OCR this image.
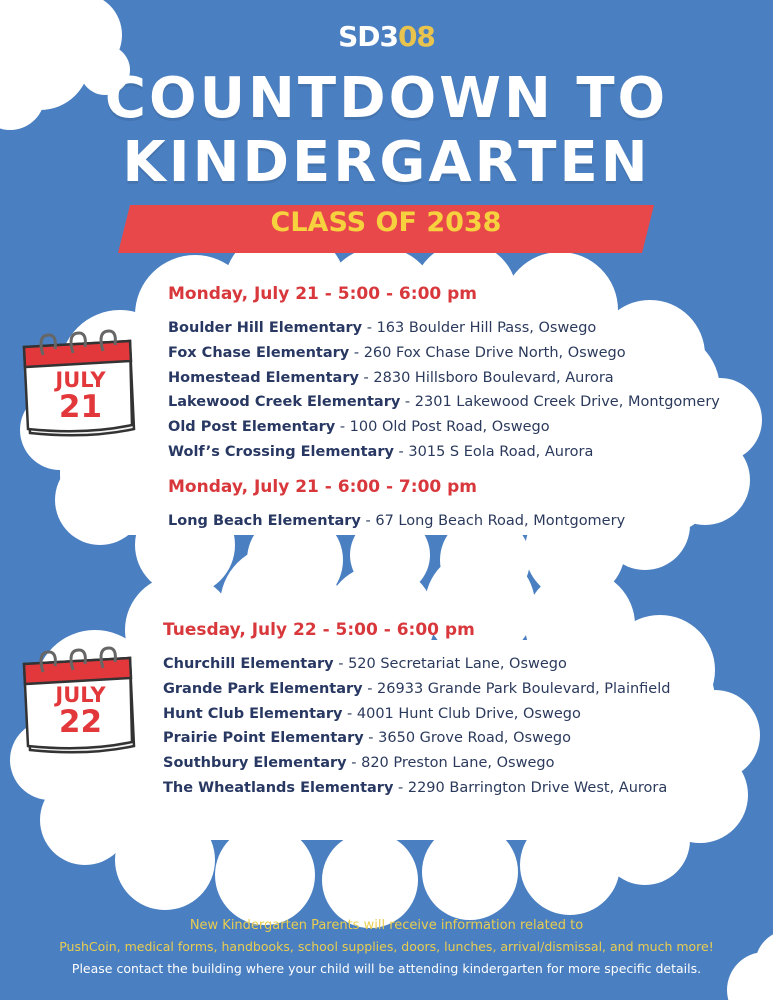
SD308
COUNTDOWN TO
KINDERGARTEN
CLASS OF 2038
JULY
21
JULY
22
Monday, July 21 - 5:00 - 6:00 pm
Boulder Hill Elementary - 163 Boulder Hill Pass, Oswego
Fox Chase Elementary - 260 Fox Chase Drive North, Oswego
Homestead Elementary - 2830 Hillsboro Boulevard, Aurora
Lakewood Creek Elementary - 2301 Lakewood Creek Drive, Montgomery
Old Post Elementary - 100 Old Post Road, Oswego
Wolf’s Crossing Elementary - 3015 S Eola Road, Aurora
Monday, July 21 - 6:00 - 7:00 pm
Long Beach Elementary - 67 Long Beach Road, Montgomery
Tuesday, July 22 - 5:00 - 6:00 pm
Churchill Elementary - 520 Secretariat Lane, Oswego
Grande Park Elementary - 26933 Grande Park Boulevard, Plainfield
Hunt Club Elementary - 4001 Hunt Club Drive, Oswego
Prairie Point Elementary - 3650 Grove Road, Oswego
Southbury Elementary - 820 Preston Lane, Oswego
The Wheatlands Elementary - 2290 Barrington Drive West, Aurora
New Kindergarten Parents will receive information related to
PushCoin, medical forms, handbooks, school supplies, doors, lunches, arrival/dismissal, and much more!
Please contact the building where your child will be attending kindergarten for more specific details.
